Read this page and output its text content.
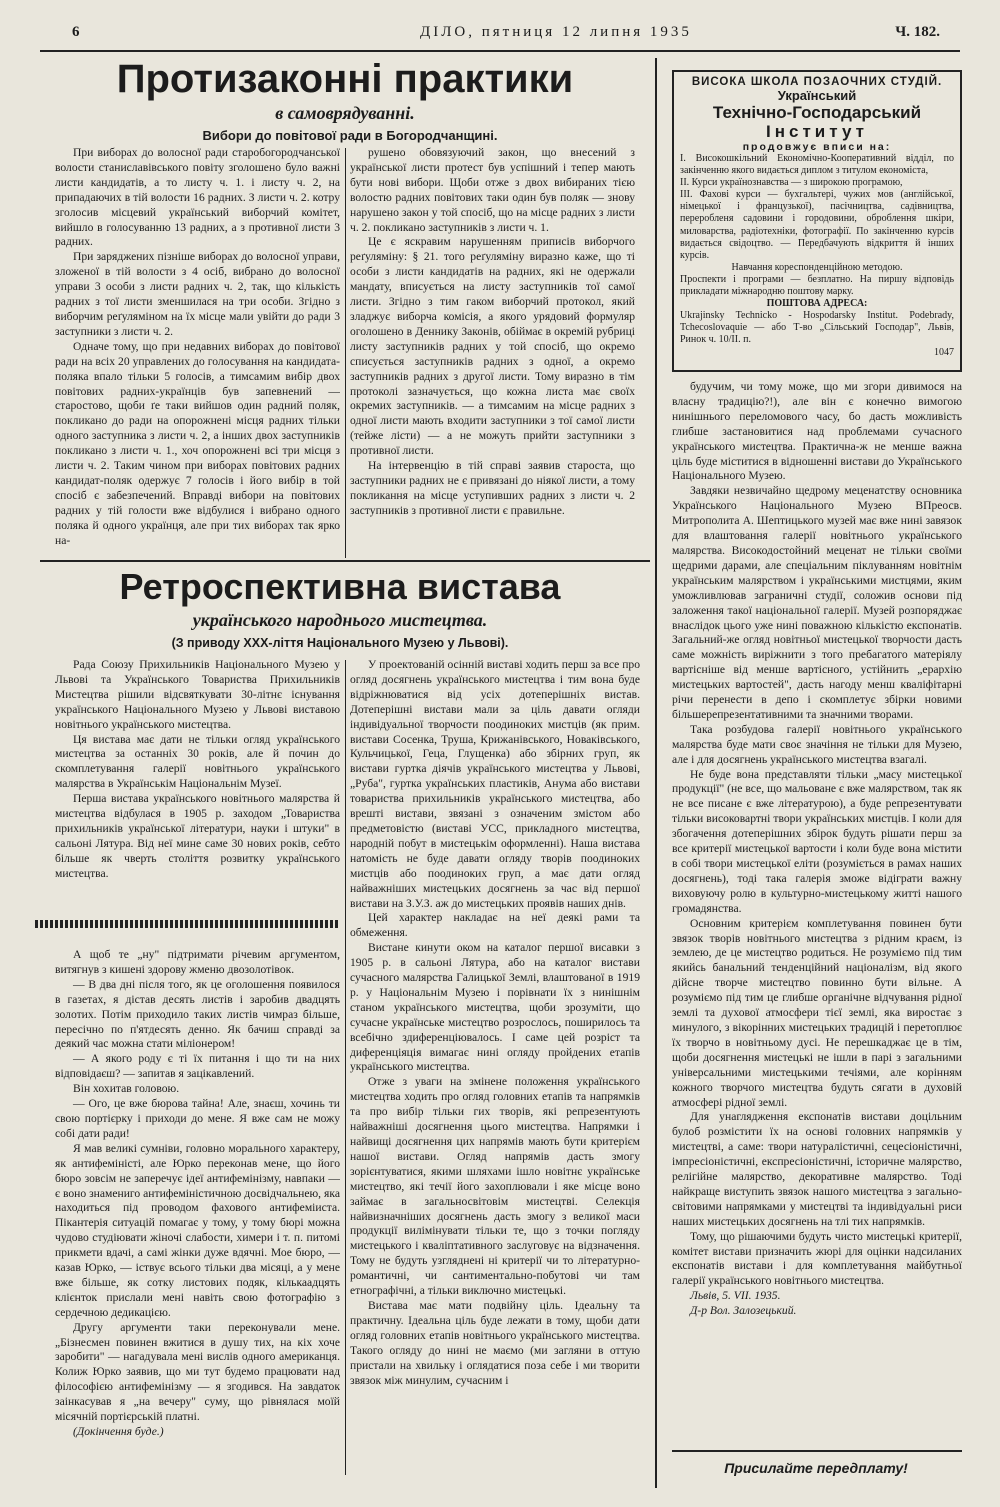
6	ДІЛО, пятниця 12 липня 1935	Ч. 182.
Протизаконні практики
в самоврядуванні.
Вибори до повітової ради в Богородчанщині.

При виборах до волосної ради старобогородчанської волости станиславівського повіту зголошено було важні листи кандидатів, а то листу ч. 1. і листу ч. 2, на припадаючих в тій волости 16 радних. З листи ч. 2. котру зголосив місцевий український виборчий комітет, вийшло в голосуванню 13 радних, а з противної листи 3 радних.

При заряджених пізніше виборах до волосної управи, зложеної в тій волости з 4 осіб, вибрано до волосної управи 3 особи з листи радних ч. 2, так, що кількість радних з тої листи зменшилася на три особи. Згідно з виборчим реґуляміном на їх місце мали увійти до ради 3 заступники з листи ч. 2.

Одначе тому, що при недавних виборах до повітової ради на всіх 20 управлених до голосування на кандидата-поляка впало тільки 5 голосів, а тимсамим вибір двох повітових радних-українців був запевнений — старостово, щоби ґе таки вийшов один радний поляк, покликано до ради на опорожнені місця радних тільки одного заступника з листи ч. 2, а інших двох заступників покликано з листи ч. 1., хоч опорожнені всі три місця з листи ч. 2. Таким чином при виборах повітових радних кандидат-поляк одержує 7 голосів і його вибір в той спосіб є забезпечений. Вправді вибори на повітових радних у тій голости вже відбулися і вибрано одного поляка й одного українця, але при тих виборах так ярко на-

рушено обовязуючий закон, що внесений з української листи протест був успішний і тепер мають бути нові вибори. Щоби отже з двох вибираних тією волостю радних повітових таки один був поляк — знову нарушено закон у той спосіб, що на місце радних з листи ч. 2. покликано заступників з листи ч. 1.

Це є яскравим нарушенням приписів виборчого реґуляміну: § 21. того реґуляміну виразно каже, що ті особи з листи кандидатів на радних, які не одержали мандату, вписується на листу заступників тої самої листи. Згідно з тим гаком виборчий протокол, який зладжує виборча комісія, а якого урядовий формуляр оголошено в Деннику Законів, обіймає в окремій рубриці листу заступників радних у той спосіб, що окремо списується заступників радних з одної, а окремо заступників радних з другої листи. Тому виразно в тім протоколі зазначується, що кожна листа має своїх окремих заступників. — а тимсамим на місце радних з одної листи мають входити заступники з тої самої листи (тейже лісти) — а не можуть прийти заступники з противної листи.

На інтервенцію в тій справі заявив староста, що заступники радних не є привязані до ніякої листи, а тому покликання на місце уступивших радних з листи ч. 2 заступників з противної листи є правильне.

ВИСОКА ШКОЛА ПОЗАОЧНИХ СТУДІЙ.
Український
Технічно-Господарський
Інститут
продовжує вписи на:

I. Високошкільний Економічно-Кооперативний відділ, по закінченню якого видається диплом з титулом економіста,

II. Курси українознавства — з широкою програмою,

III. Фахові курси — бухгальтері, чужих мов (англійської, німецької і французької), пасічництва, садівництва, переробленя садовини і городовини, оброблення шкіри, миловарства, радіотехніки, фотографії. По закінченню курсів видається свідоцтво. — Передбачують відкриття й інших курсів.

Навчання кореспонденційною методою.

Проспекти і програми — безплатно. На пиршу відповідь прикладати міжнародню поштову марку.

ПОШТОВА АДРЕСА:

Ukrajinsky Technicko - Hospodarsky Institut. Podebrady, Tchecoslovaquie — або Т-во „Сільський Господар", Львів, Ринок ч. 10/II. п.

1047

Ретроспективна вистава
українського народнього мистецтва.
(З приводу XXX-ліття Національного Музею у Львові).

Рада Союзу Прихильників Національного Музею у Львові та Українського Товариства Прихильників Мистецтва рішили відсвяткувати 30-літнє існування українського Національного Музею у Львові виставою новітнього українського мистецтва.

Ця вистава має дати не тільки огляд українського мистецтва за останніх 30 років, але й почин до скомплетування галерії новітнього українського малярства в Українськім Національнім Музеї.

Перша вистава українського новітнього малярства й мистецтва відбулася в 1905 р. заходом „Товариства прихильників української літератури, науки і штуки" в сальоні Лятура. Від неї мине саме 30 нових років, себто більше як чверть століття розвитку українського мистецтва.

А щоб те „ну" підтримати річевим аргументом, витягнув з кишені здорову жменю двозолотівок.

— В два дні після того, як це оголошення появилося в газетах, я дістав десять листів і заробив двадцять золотих. Потім приходило таких листів чимраз більше, пересічно по п'ятдесять денно. Як бачиш справді за деякий час можна стати міліонером!

— А якого роду є ті їх питання і що ти на них відповідаєш? — запитав я зацікавлений.

Він хохитав головою.

— Ого, це вже бюрова тайна! Але, знаєш, хочинь ти свою портієрку і приходи до мене. Я вже сам не можу собі дати ради!

Я мав великі сумніви, головно морального характеру, як антифеміністі, але Юрко переконав мене, що його бюро зовсім не заперечує ідеї антифемінізму, навпаки — є воно знамениго антифеміністичною досвідчальнею, яка находиться під проводом фахового антифеміиста. Пікантерія ситуацій помагає у тому, у тому бюрі можна чудово студіювати жіночі слабости, химери і т. п. питомі прикмети вдачі, а самі жінки дуже вдячні. Мое бюро, — казав Юрко, — іствує всього тільки два місяці, а у мене вже більше, як сотку листових подяк, кількаадцять клієнток прислали мені навіть свою фотографію з сердечною дедикацією.

Другу аргументи таки переконували мене. „Бізнесмен повинен вжитися в душу тих, на кіх хоче заробити" — нагадувала мені вислів одного американця. Колиж Юрко заявив, що ми тут будемо працювати над філософією антифемінізму — я згодився. На завдаток заінкасував я „на вечеру" суму, що рівнялася моїй місячній портієрській платні.

(Докінчення буде.)

У проектованій осінній виставі ходить перш за все про огляд досягнень українського мистецтва і тим вона буде відріжнюватися від усіх дотеперішніх вистав. Дотеперішні вистави мали за ціль давати огляди індивідуальної творчости поодиноких мистців (як прим. вистави Сосенка, Труша, Крижанівського, Новаківського, Кульчицької, Геца, Глущенка) або збірних груп, як вистави гуртка діячів українського мистецтва у Львові, „Руба", гуртка українських пластиків, Анума або вистави товариства прихильників українського мистецтва, або врешті вистави, звязані з означеним змістом або предметовістю (виставі УСС, прикладного мистецтва, народній побут в мистецькім оформленні). Нашa виставa натомість не буде давати огляду творів поодиноких мистців або поодиноких груп, а має дати огляд найважніших мистецьких досягнень за час від першої вистави на З.У.З. аж до мистецьких проявів наших днів.

Цей характер накладає на неї деякі рами та обмеження.

Вистане кинути оком на каталог першої висавки з 1905 р. в сальоні Лятура, або на каталог вистави сучасного малярства Галицької Землі, влаштованої в 1919 р. у Національнім Музею і порівнати їх з нинішнім станом українського мистецтва, щоби зрозуміти, що сучасне українське мистецтво розрослось, поширилось та всебічно здиференціювалось. І саме цей розріст та диференціяція вимагає нині огляду пройдених етапів українського мистецтва.

Отже з уваги на змінене положення українського мистецтва ходить про огляд головних етапів та напрямків та про вибір тільки гих творів, які репрезентують найважніші досягнення цього мистецтва. Напрямки і найвищі досягнення цих напрямів мають бути критерієм нашої вистави. Огляд напрямів дасть змогу зорієнтуватися, якими шляхами ішло новітнє українське мистецтво, які течії його захоплювали і яке місце воно займає в загальносвітовім мистецтві. Селекція найвизначніших досягнень дасть змогу з великої маси продукції вилімінувати тільки те, що з точки погляду мистецького і кваліптативного заслуговує на відзначення. Тому не будуть узгляднені ні критерії чи то літературно-романтичні, чи сантиментально-побутові чи там етнографічні, а тільки виключно мистецькі.

Вистава має мати подвійну ціль. Ідеальну та практичну. Ідеальна ціль буде лежати в тому, щоби дати огляд головних етапів новітнього українського мистецтва. Такого огляду до нині не маємо (ми загляни в оттую пристали на хвильку і оглядатися поза себе і ми творити звязок між минулим, сучасним і

будучим, чи тому може, що ми згори дивимося на власну традицію?!), але він є конечно вимогою нинішнього переломового часу, бо дасть можливість глибше застановитися над проблемами сучасного українського мистецтва. Практична-ж не менше важна ціль буде міститися в відношенні вистави до Українського Національного Музею.

Завдяки незвичайно щедрому меценатству основника Українського Національного Музею ВПреосв. Митрополита А. Шептицького музей має вже нині завязок для влаштовання галерії новітнього українського малярства. Високодостойний меценат не тільки своїми щедрими дарами, але спеціальним піклуванням новітнім українським малярством і українськими мистцями, яким уможливлював заграничні студії, соложив основи під заложення такої національної галерії. Музей розпоряджає внаслідок цього уже нині поважною кількістю експонатів. Загальний-же огляд новітньої мистецької творчости дасть саме можність виріжнити з того пребагатого матеріялу вартісніше від менше вартісного, устійнить „ерархію мистецьких вартостей", дасть нагоду менш кваліфітарні річи перенести в депо і скомплетує збірки новими більшерепрезентативними та значними творами.

Така розбудова галерії новітнього українського малярства буде мати своє значіння не тільки для Музею, але і для досягнень українського мистецтва взагалі.

Не буде вона представляти тільки „масу мистецької продукції" (не все, що мальоване є вже малярством, так як не все писане є вже літературою), а буде репрезентувати тільки високовартні твори українських мистців. І коли для збогачення дотеперішних збірок будуть рішати перш за все критерії мистецької вартости і коли буде вона містити в собі твори мистецької еліти (розуміється в рамах наших досягнень), тоді така галерія зможе відіграти важну виховуючу ролю в культурно-мистецькому житті нашого громадянства.

Основним критерієм комплетування повинен бути звязок творів новітнього мистецтва з рідним краєм, із землею, де це мистецтво родиться. Не розуміємо під тим якийсь банальний тенденційний націоналізм, від якого дійсне творче мистецтво повинно бути вільне. А розуміємо під тим це глибше органічне відчування рідної землі та духової атмосфери тієї землі, яка виростає з минулого, з вікорінних мистецьких традицій і перетоплює їх творчо в новітньому дусі. Не перешкаджає це в тім, щоби досягнення мистецькі не ішли в парі з загальними універсальними мистецькими течіями, але корінням кожного творчого мистецтва будуть сягати в духовій атмосфері рідної землі.

Для унаглядження експонатів вистави доцільним булоб розмістити їх на основі головних напрямків у мистецтві, а саме: твори натуралістичні, сецесіоністичні, імпресіоністичні, експресіоністичні, історичне малярство, релігійне малярство, декоративне малярство. Тоді найкраще виступить звязок нашого мистецтва з загально-світовими напрямками у мистецтві та індивідуальні риси наших мистецьких досягнень на тлі тих напрямків.

Тому, що рішаючими будуть чисто мистецькі критерії, комітет вистави призначить жюрі для оцінки надсиланих експонатів вистави і для комплетування майбутньої галерії українського новітнього мистецтва.

Львів, 5. VII. 1935.

Д-р Вол. Залозецький.

Присилайте передплату!
